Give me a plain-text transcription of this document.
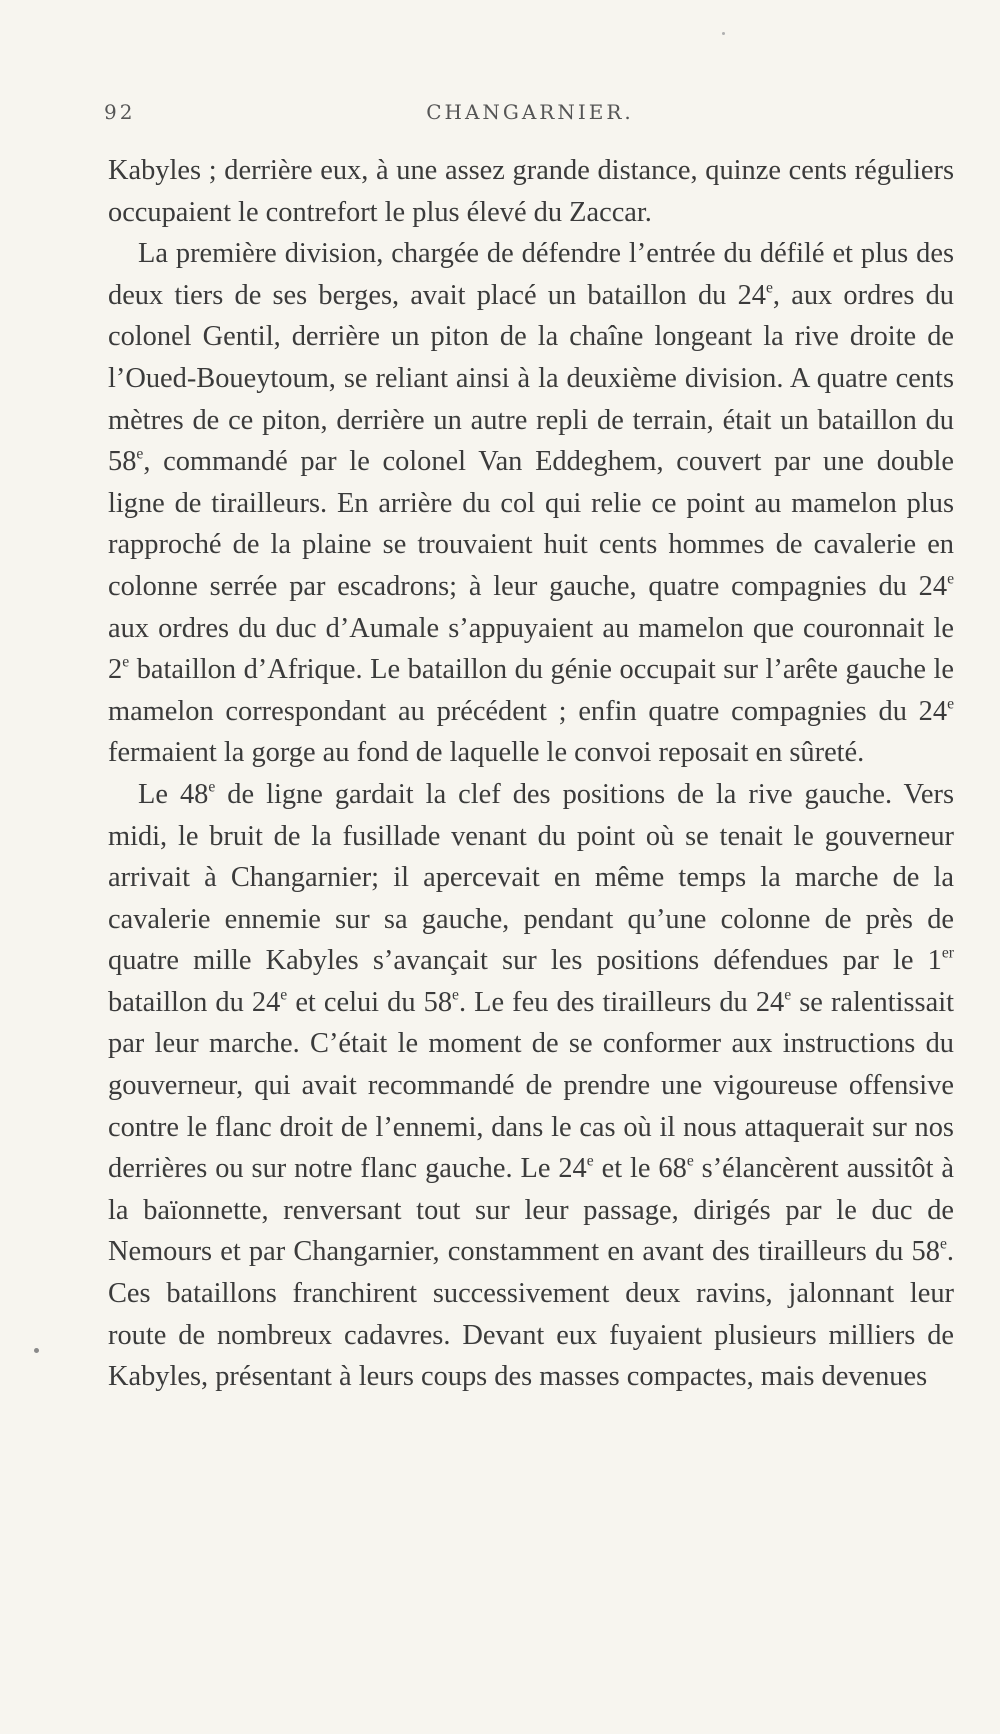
92	CHANGARNIER.

Kabyles ; derrière eux, à une assez grande distance, quinze cents réguliers occupaient le contrefort le plus élevé du Zaccar.

La première division, chargée de défendre l’entrée du défilé et plus des deux tiers de ses berges, avait placé un bataillon du 24e, aux ordres du colonel Gentil, derrière un piton de la chaîne longeant la rive droite de l’Oued-Boueytoum, se reliant ainsi à la deuxième division. A quatre cents mètres de ce piton, derrière un autre repli de terrain, était un bataillon du 58e, commandé par le colonel Van Eddeghem, couvert par une double ligne de tirailleurs. En arrière du col qui relie ce point au mamelon plus rapproché de la plaine se trouvaient huit cents hommes de cavalerie en colonne serrée par escadrons; à leur gauche, quatre compagnies du 24e aux ordres du duc d’Aumale s’appuyaient au mamelon que couronnait le 2e bataillon d’Afrique. Le bataillon du génie occupait sur l’arête gauche le mamelon correspondant au précédent ; enfin quatre compagnies du 24e fermaient la gorge au fond de laquelle le convoi reposait en sûreté.

Le 48e de ligne gardait la clef des positions de la rive gauche. Vers midi, le bruit de la fusillade venant du point où se tenait le gouverneur arrivait à Changarnier; il apercevait en même temps la marche de la cavalerie ennemie sur sa gauche, pendant qu’une colonne de près de quatre mille Kabyles s’avançait sur les positions défendues par le 1er bataillon du 24e et celui du 58e. Le feu des tirailleurs du 24e se ralentissait par leur marche. C’était le moment de se conformer aux instructions du gouverneur, qui avait recommandé de prendre une vigoureuse offensive contre le flanc droit de l’ennemi, dans le cas où il nous attaquerait sur nos derrières ou sur notre flanc gauche. Le 24e et le 68e s’élancèrent aussitôt à la baïonnette, renversant tout sur leur passage, dirigés par le duc de Nemours et par Changarnier, constamment en avant des tirailleurs du 58e. Ces bataillons franchirent successivement deux ravins, jalonnant leur route de nombreux cadavres. Devant eux fuyaient plusieurs milliers de Kabyles, présentant à leurs coups des masses compactes, mais devenues
